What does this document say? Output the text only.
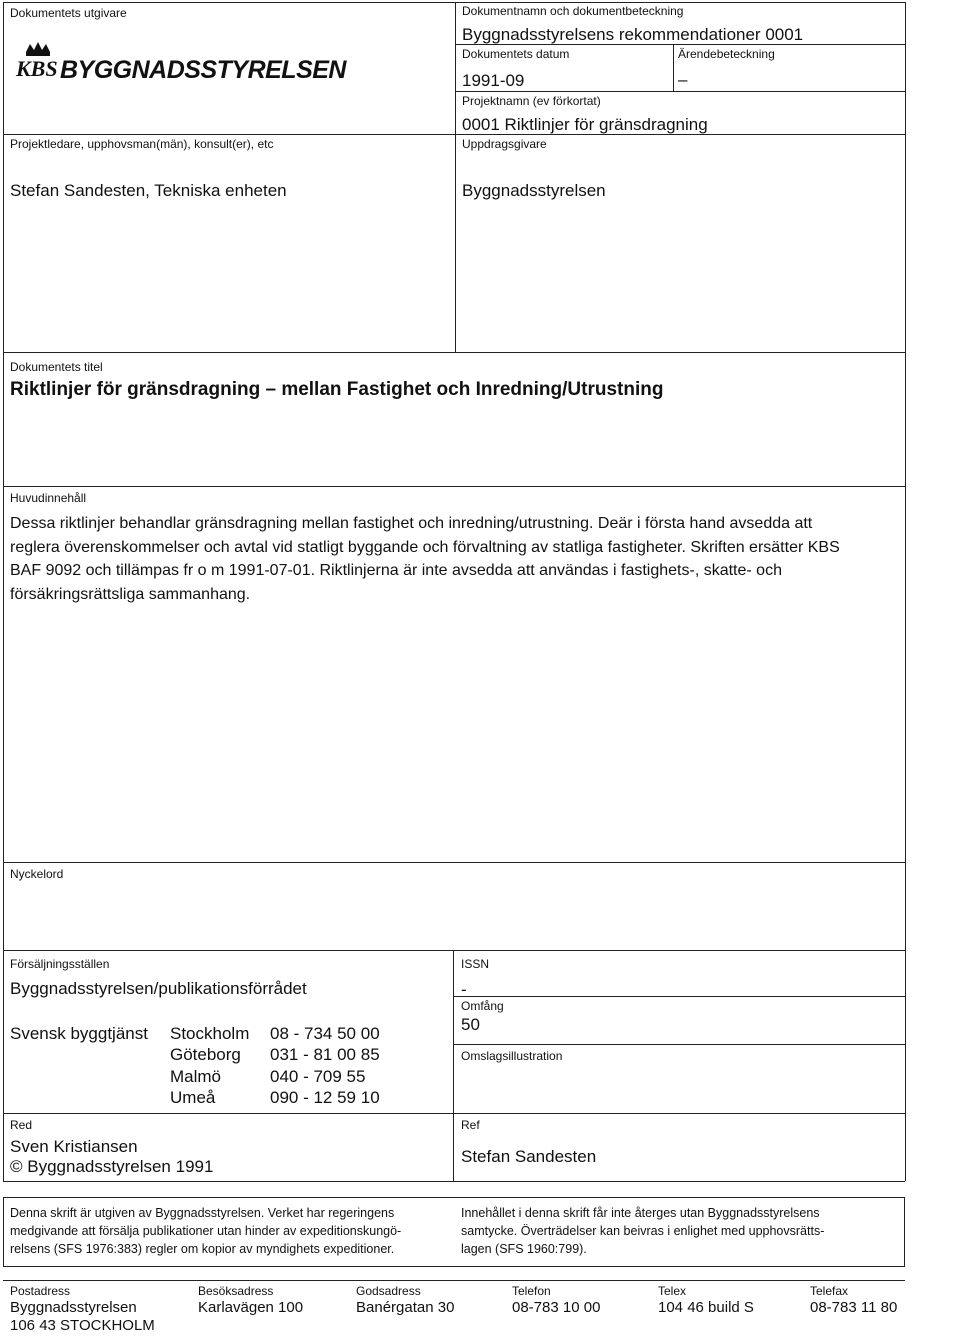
Dokumentets utgivare
KBS BYGGNADSSTYRELSEN
Projektledare, upphovsman(män), konsult(er), etc
Stefan Sandesten, Tekniska enheten
Dokumentnamn och dokumentbeteckning
Byggnadsstyrelsens rekommendationer 0001
Dokumentets datum
1991-09
Ärendebeteckning
–
Projektnamn (ev förkortat)
0001 Riktlinjer för gränsdragning
Uppdragsgivare
Byggnadsstyrelsen
Dokumentets titel
Riktlinjer för gränsdragning – mellan Fastighet och Inredning/Utrustning
Huvudinnehåll
Dessa riktlinjer behandlar gränsdragning mellan fastighet och inredning/utrustning. Deär i första hand avsedda att
reglera överenskommelser och avtal vid statligt byggande och förvaltning av statliga fastigheter. Skriften ersätter KBS
BAF 9092 och tillämpas fr o m 1991-07-01. Riktlinjerna är inte avsedda att användas i fastighets-, skatte- och
försäkringsrättsliga sammanhang.
Nyckelord
Försäljningsställen
Byggnadsstyrelsen/publikationsförrådet
Svensk byggtjänst Stockholm 08 - 734 50 00
Göteborg 031 - 81 00 85
Malmö	040 - 709 55
Umeå	090 - 12 59 10
ISSN
-
Omfång
50
Omslagsillustration
Red
Sven Kristiansen
© Byggnadsstyrelsen 1991
Ref
Stefan Sandesten
Denna skrift är utgiven av Byggnadsstyrelsen. Verket har regeringens
medgivande att försälja publikationer utan hinder av expeditionskungö-
relsens (SFS 1976:383) regler om kopior av myndighets expeditioner.
Innehållet i denna skrift får inte återges utan Byggnadsstyrelsens
samtycke. Överträdelser kan beivras i enlighet med upphovsrätts-
lagen (SFS 1960:799).
Postadress
Byggnadsstyrelsen
106 43 STOCKHOLM
Besöksadress
Karlavägen 100
Godsadress
Banérgatan 30
Telefon
08-783 10 00
Telex
104 46 build S
Telefax
08-783 11 80
